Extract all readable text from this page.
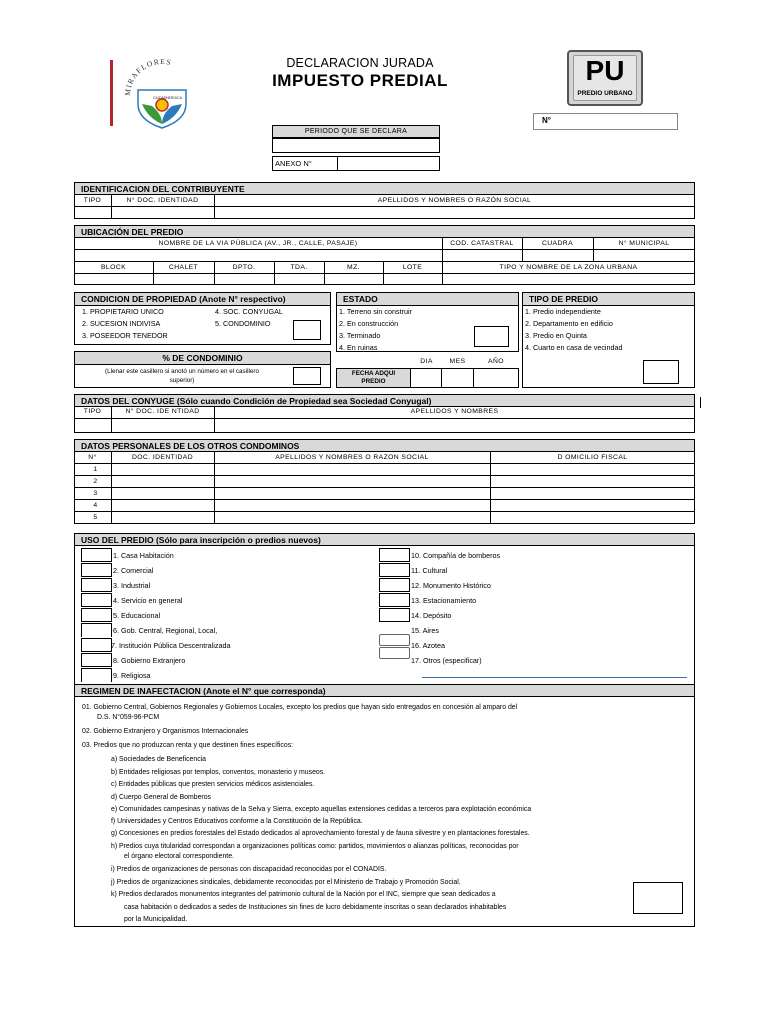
MIRAFLORES
CIUDAD HEROICA
DECLARACION JURADA
IMPUESTO PREDIAL	PU
PREDIO URBANO
N°
PERIODO QUE SE DECLARA
ANEXO N°
IDENTIFICACION DEL CONTRIBUYENTE
TIPO	N° DOC. IDENTIDAD	APELLIDOS Y NOMBRES O RAZÓN SOCIAL
UBICACIÓN DEL PREDIO
NOMBRE DE LA VIA PÚBLICA (AV., JR., CALLE, PASAJE)	COD. CATASTRAL	CUADRA	N° MUNICIPAL
BLOCK	CHALET	DPTO.	TDA.	MZ.	LOTE	TIPO Y NOMBRE DE LA ZONA URBANA
CONDICION DE PROPIEDAD (Anote N° respectivo)
1. PROPIETARIO UNICO
2. SUCESION INDIVISA
3. POSEEDOR TENEDOR
4. SOC. CONYUGAL
5. CONDOMINIO
% DE CONDOMINIO
(Llenar este casillero si anotó un número en el casillero
superior)
ESTADO
1. Terreno sin construir
2. En construcción
3. Terminado
4. En ruinas
DIA	MES	AÑO
FECHA ADQUI
PREDIO
TIPO DE PREDIO
1. Predio independiente
2. Departamento en edificio
3. Predio en Quinta
4. Cuarto en casa de vecindad
DATOS DEL CONYUGE (Sólo cuando Condición de Propiedad sea Sociedad Conyugal)
TIPO	N° DOC. IDE NTIDAD	APELLIDOS Y NOMBRES
DATOS PERSONALES DE LOS OTROS CONDOMINOS
N°	DOC. IDENTIDAD	APELLIDOS Y NOMBRES O RAZON SOCIAL	D OMICILIO FISCAL
1
2
3
4
5
USO DEL PREDIO (Sólo para inscripción o predios nuevos)
1. Casa Habitación
2. Comercial
3. Industrial
4. Servicio en general
5. Educacional
6. Gob. Central, Regional, Local,
7. Institución Pública Descentralizada
8. Gobierno Extranjero
9. Religiosa
10. Compañía de bomberos
11. Cultural
12. Monumento Histórico
13. Estacionamiento
14. Depósito
15. Aires
16. Azotea
17. Otros (especificar)
REGIMEN DE INAFECTACION (Anote el N° que corresponda)
01. Gobierno Central, Gobiernos Regionales y Gobiernos Locales, excepto los predios que hayan sido entregados en concesión al amparo del
D.S. N°059-96-PCM
02. Gobierno Extranjero y Organismos Internacionales
03. Predios que no produzcan renta y que destinen fines específicos:
a) Sociedades de Beneficencia
b) Entidades religiosas por templos, conventos, monasterio y museos.
c) Entidades públicas que presten servicios médicos asistenciales.
d) Cuerpo General de Bomberos
e) Comunidades campesinas y nativas de la Selva y Sierra, excepto aquellas extensiones cedidas a terceros para explotación económica
f) Universidades y Centros Educativos conforme a la Constitución de la República.
g) Concesiones en predios forestales del Estado dedicados al aprovechamiento forestal y de fauna silvestre y en plantaciones forestales.
h) Predios cuya titularidad correspondan a organizaciones políticas como: partidos, movimientos o alianzas políticas, reconocidas por
el órgano electoral correspondiente.
i) Predios de organizaciones de personas con discapacidad reconocidas por el CONADIS.
j) Predios de organizaciones sindicales, debidamente reconocidas por el Ministerio de Trabajo y Promoción Social.
k) Predios declarados monumentos integrantes del patrimonio cultural de la Nación por el INC, siempre que sean dedicados a
casa habitación o dedicados a sedes de Instituciones sin fines de lucro debidamente inscritas o sean declarados inhabitables
por la Municipalidad.
